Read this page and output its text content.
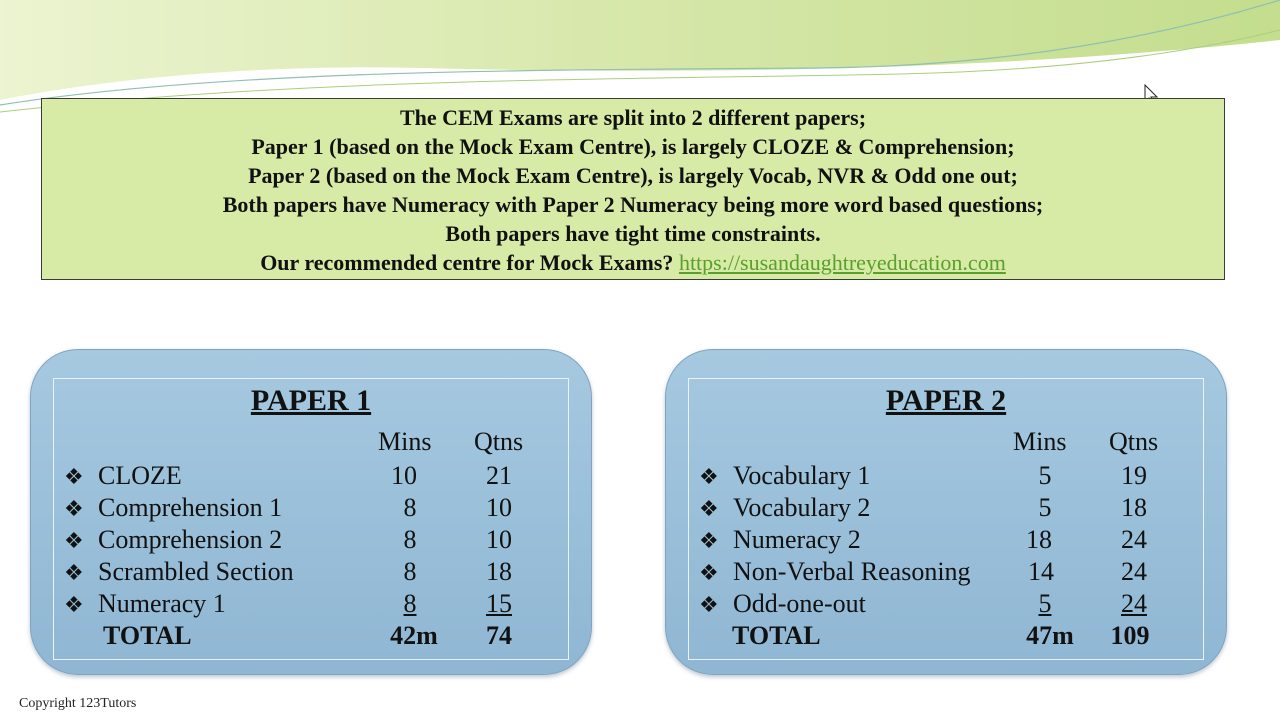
The CEM Exams are split into 2 different papers;
Paper 1 (based on the Mock Exam Centre), is largely CLOZE & Comprehension;
Paper 2 (based on the Mock Exam Centre), is largely Vocab, NVR & Odd one out;
Both papers have Numeracy with Paper 2 Numeracy being more word based questions;
Both papers have tight time constraints.
Our recommended centre for Mock Exams? https://susandaughtreyeducation.com
PAPER 1
Mins Qtns
❖ CLOZE	10	21
❖ Comprehension 1	8	10
❖ Comprehension 2	8	10
❖ Scrambled Section	8	18
❖ Numeracy 1	8	15
TOTAL	42m	74
PAPER 2
Mins Qtns
❖ Vocabulary 1	5	19
❖ Vocabulary 2	5	18
❖ Numeracy 2	18	24
❖ Non-Verbal Reasoning	14	24
❖ Odd-one-out	5	24
TOTAL	47m	109
Copyright 123Tutors
